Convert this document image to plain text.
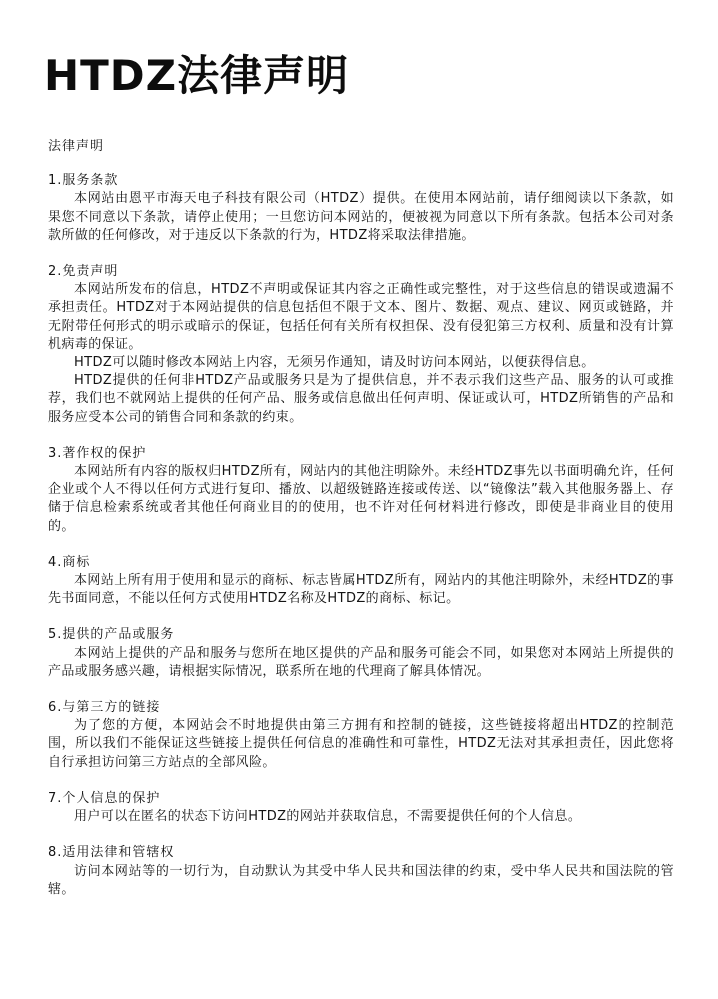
HTDZ法律声明

法律声明

1.服务条款

本网站由恩平市海天电子科技有限公司（HTDZ）提供。在使用本网站前，请仔细阅读以下条款，如果您不同意以下条款，请停止使用；一旦您访问本网站的，便被视为同意以下所有条款。包括本公司对条款所做的任何修改，对于违反以下条款的行为，HTDZ将采取法律措施。

2.免责声明

本网站所发布的信息，HTDZ不声明或保证其内容之正确性或完整性，对于这些信息的错误或遗漏不承担责任。HTDZ对于本网站提供的信息包括但不限于文本、图片、数据、观点、建议、网页或链路，并无附带任何形式的明示或暗示的保证，包括任何有关所有权担保、没有侵犯第三方权利、质量和没有计算机病毒的保证。

HTDZ可以随时修改本网站上内容，无须另作通知，请及时访问本网站，以便获得信息。

HTDZ提供的任何非HTDZ产品或服务只是为了提供信息，并不表示我们这些产品、服务的认可或推荐，我们也不就网站上提供的任何产品、服务或信息做出任何声明、保证或认可，HTDZ所销售的产品和服务应受本公司的销售合同和条款的约束。

3.著作权的保护

本网站所有内容的版权归HTDZ所有，网站内的其他注明除外。未经HTDZ事先以书面明确允许，任何企业或个人不得以任何方式进行复印、播放、以超级链路连接或传送、以“镜像法”载入其他服务器上、存储于信息检索系统或者其他任何商业目的的使用，也不许对任何材料进行修改，即使是非商业目的使用的。

4.商标

本网站上所有用于使用和显示的商标、标志皆属HTDZ所有，网站内的其他注明除外，未经HTDZ的事先书面同意，不能以任何方式使用HTDZ名称及HTDZ的商标、标记。

5.提供的产品或服务

本网站上提供的产品和服务与您所在地区提供的产品和服务可能会不同，如果您对本网站上所提供的产品或服务感兴趣，请根据实际情况，联系所在地的代理商了解具体情况。

6.与第三方的链接

为了您的方便，本网站会不时地提供由第三方拥有和控制的链接，这些链接将超出HTDZ的控制范围，所以我们不能保证这些链接上提供任何信息的准确性和可靠性，HTDZ无法对其承担责任，因此您将自行承担访问第三方站点的全部风险。

7.个人信息的保护

用户可以在匿名的状态下访问HTDZ的网站并获取信息，不需要提供任何的个人信息。

8.适用法律和管辖权

访问本网站等的一切行为，自动默认为其受中华人民共和国法律的约束，受中华人民共和国法院的管辖。
